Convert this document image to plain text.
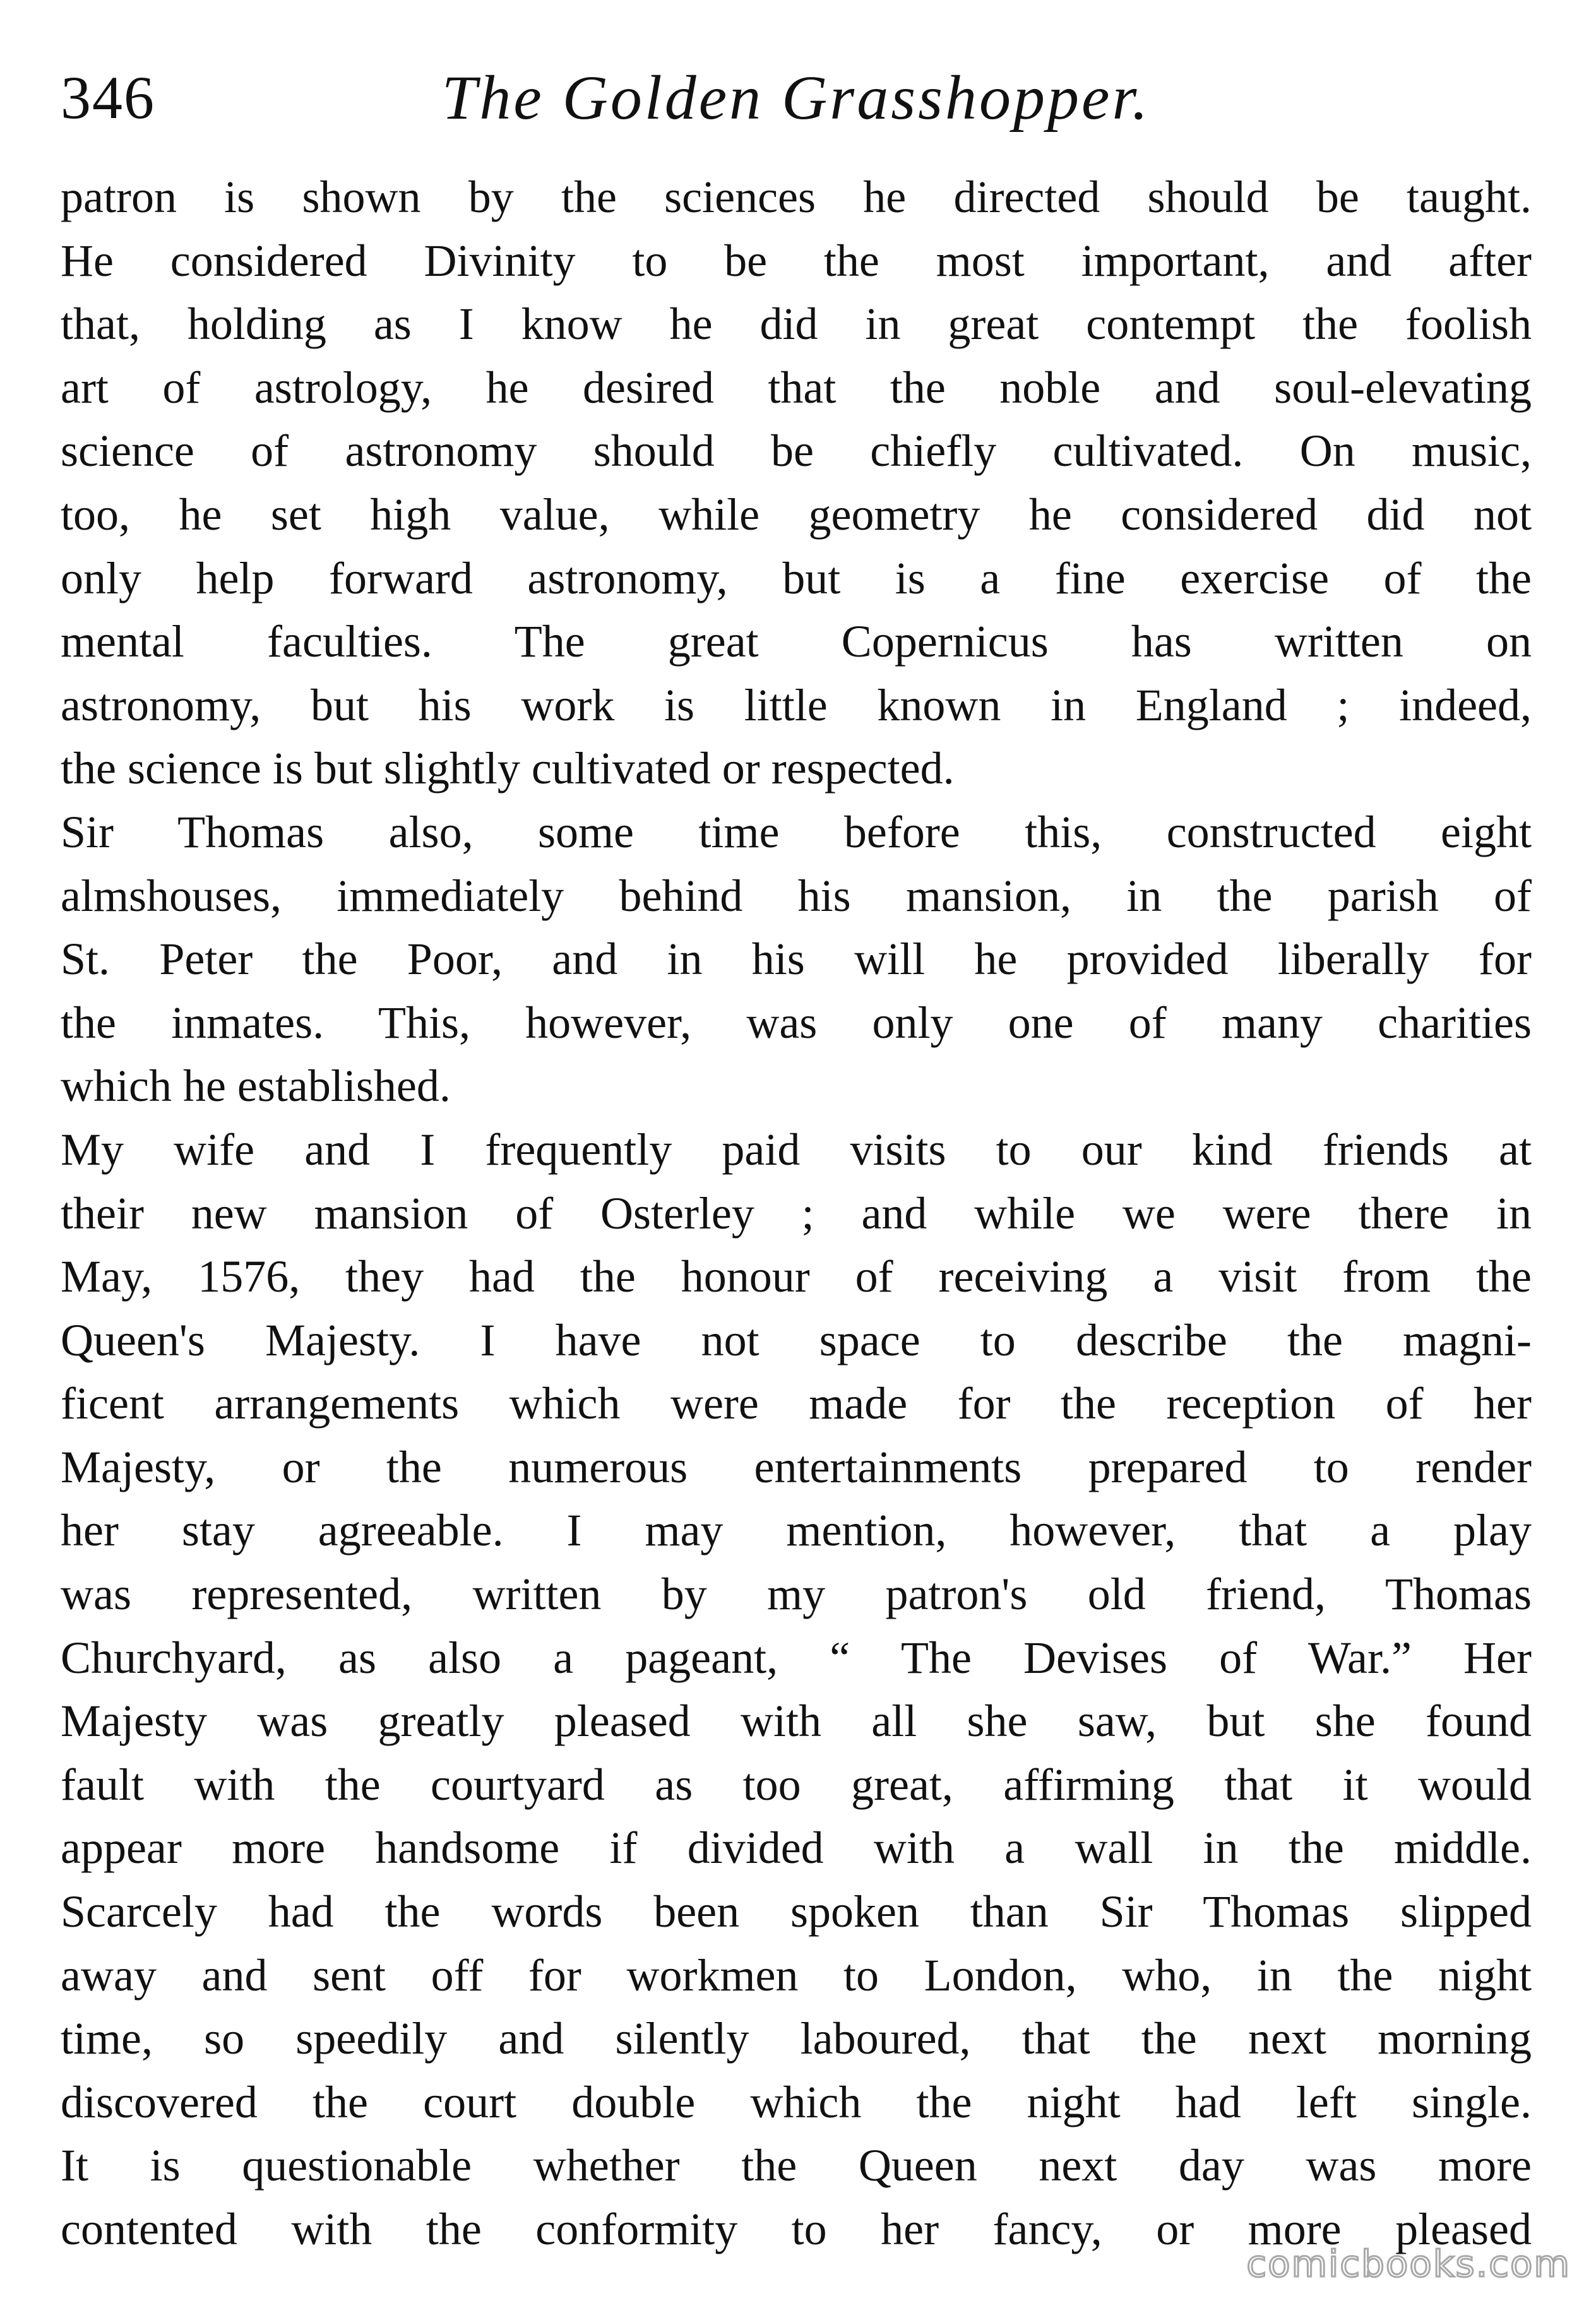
346	The Golden Grasshopper.
patron is shown by the sciences he directed should be taught.
He considered Divinity to be the most important, and after
that, holding as I know he did in great contempt the foolish
art of astrology, he desired that the noble and soul-elevating
science of astronomy should be chiefly cultivated. On music,
too, he set high value, while geometry he considered did not
only help forward astronomy, but is a fine exercise of the
mental faculties. The great Copernicus has written on
astronomy, but his work is little known in England ; indeed,
the science is but slightly cultivated or respected.
Sir Thomas also, some time before this, constructed eight
almshouses, immediately behind his mansion, in the parish of
St. Peter the Poor, and in his will he provided liberally for
the inmates. This, however, was only one of many charities
which he established.
My wife and I frequently paid visits to our kind friends at
their new mansion of Osterley ; and while we were there in
May, 1576, they had the honour of receiving a visit from the
Queen's Majesty. I have not space to describe the magni-
ficent arrangements which were made for the reception of her
Majesty, or the numerous entertainments prepared to render
her stay agreeable. I may mention, however, that a play
was represented, written by my patron's old friend, Thomas
Churchyard, as also a pageant, “ The Devises of War.” Her
Majesty was greatly pleased with all she saw, but she found
fault with the courtyard as too great, affirming that it would
appear more handsome if divided with a wall in the middle.
Scarcely had the words been spoken than Sir Thomas slipped
away and sent off for workmen to London, who, in the night
time, so speedily and silently laboured, that the next morning
discovered the court double which the night had left single.
It is questionable whether the Queen next day was more
contented with the conformity to her fancy, or more pleased
comicbooks.com
